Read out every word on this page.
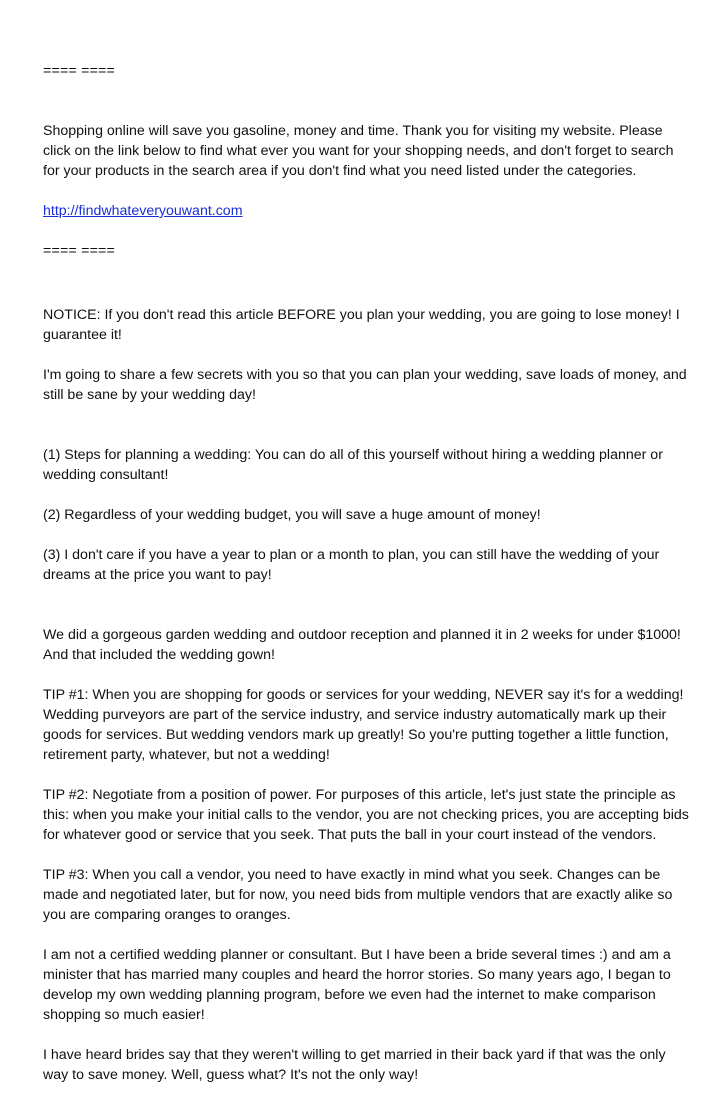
==== ====

Shopping online will save you gasoline, money and time. Thank you for visiting my website. Please click on the link below to find what ever you want for your shopping needs, and don't forget to search for your products in the search area if you don't find what you need listed under the categories.

http://findwhateveryouwant.com

==== ====

NOTICE: If you don't read this article BEFORE you plan your wedding, you are going to lose money! I guarantee it!

I'm going to share a few secrets with you so that you can plan your wedding, save loads of money, and still be sane by your wedding day!

(1) Steps for planning a wedding: You can do all of this yourself without hiring a wedding planner or wedding consultant!

(2) Regardless of your wedding budget, you will save a huge amount of money!

(3) I don't care if you have a year to plan or a month to plan, you can still have the wedding of your dreams at the price you want to pay!

We did a gorgeous garden wedding and outdoor reception and planned it in 2 weeks for under $1000! And that included the wedding gown!

TIP #1: When you are shopping for goods or services for your wedding, NEVER say it's for a wedding! Wedding purveyors are part of the service industry, and service industry automatically mark up their goods for services. But wedding vendors mark up greatly! So you're putting together a little function, retirement party, whatever, but not a wedding!

TIP #2: Negotiate from a position of power. For purposes of this article, let's just state the principle as this: when you make your initial calls to the vendor, you are not checking prices, you are accepting bids for whatever good or service that you seek. That puts the ball in your court instead of the vendors.

TIP #3: When you call a vendor, you need to have exactly in mind what you seek. Changes can be made and negotiated later, but for now, you need bids from multiple vendors that are exactly alike so you are comparing oranges to oranges.

I am not a certified wedding planner or consultant. But I have been a bride several times :) and am a minister that has married many couples and heard the horror stories. So many years ago, I began to develop my own wedding planning program, before we even had the internet to make comparison shopping so much easier!

I have heard brides say that they weren't willing to get married in their back yard if that was the only way to save money. Well, guess what? It's not the only way!
